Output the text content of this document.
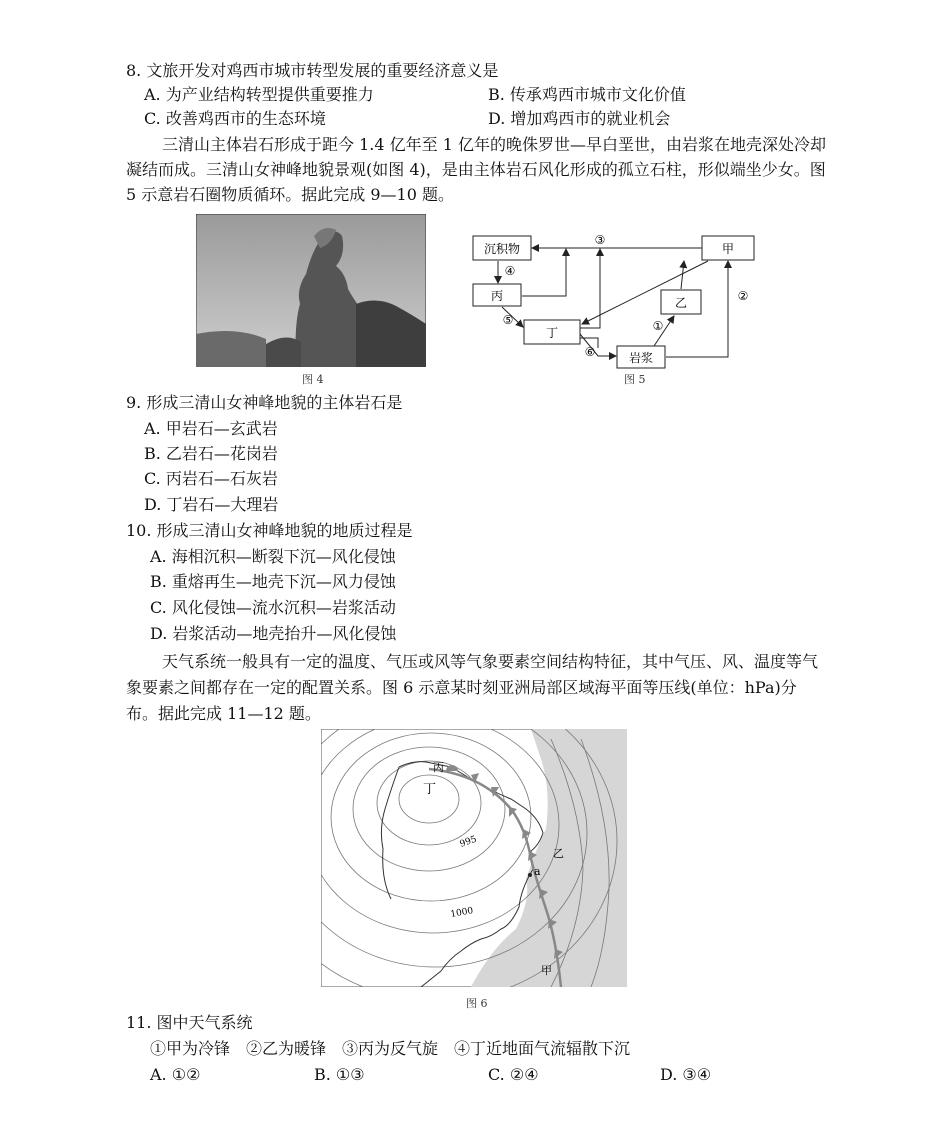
8. 文旅开发对鸡西市城市转型发展的重要经济意义是
A. 为产业结构转型提供重要推力	B. 传承鸡西市城市文化价值
C. 改善鸡西市的生态环境	D. 增加鸡西市的就业机会
三清山主体岩石形成于距今 1.4 亿年至 1 亿年的晚侏罗世—早白垩世，由岩浆在地壳深处冷却凝结而成。三清山女神峰地貌景观(如图 4)，是由主体岩石风化形成的孤立石柱，形似端坐少女。图 5 示意岩石圈物质循环。据此完成 9—10 题。
图 4
沉积物	甲
丙	乙
丁
岩浆
③
④
②
⑤	①
⑥
图 5
9. 形成三清山女神峰地貌的主体岩石是
A. 甲岩石—玄武岩
B. 乙岩石—花岗岩
C. 丙岩石—石灰岩
D. 丁岩石—大理岩
10. 形成三清山女神峰地貌的地质过程是
A. 海相沉积—断裂下沉—风化侵蚀
B. 重熔再生—地壳下沉—风力侵蚀
C. 风化侵蚀—流水沉积—岩浆活动
D. 岩浆活动—地壳抬升—风化侵蚀
天气系统一般具有一定的温度、气压或风等气象要素空间结构特征，其中气压、风、温度等气象要素之间都存在一定的配置关系。图 6 示意某时刻亚洲局部区域海平面等压线(单位：hPa)分布。据此完成 11—12 题。
丙
丁
乙
a
甲
995
1000
图 6
11. 图中天气系统
①甲为冷锋　②乙为暖锋　③丙为反气旋　④丁近地面气流辐散下沉
A. ①②	B. ①③	C. ②④	D. ③④
